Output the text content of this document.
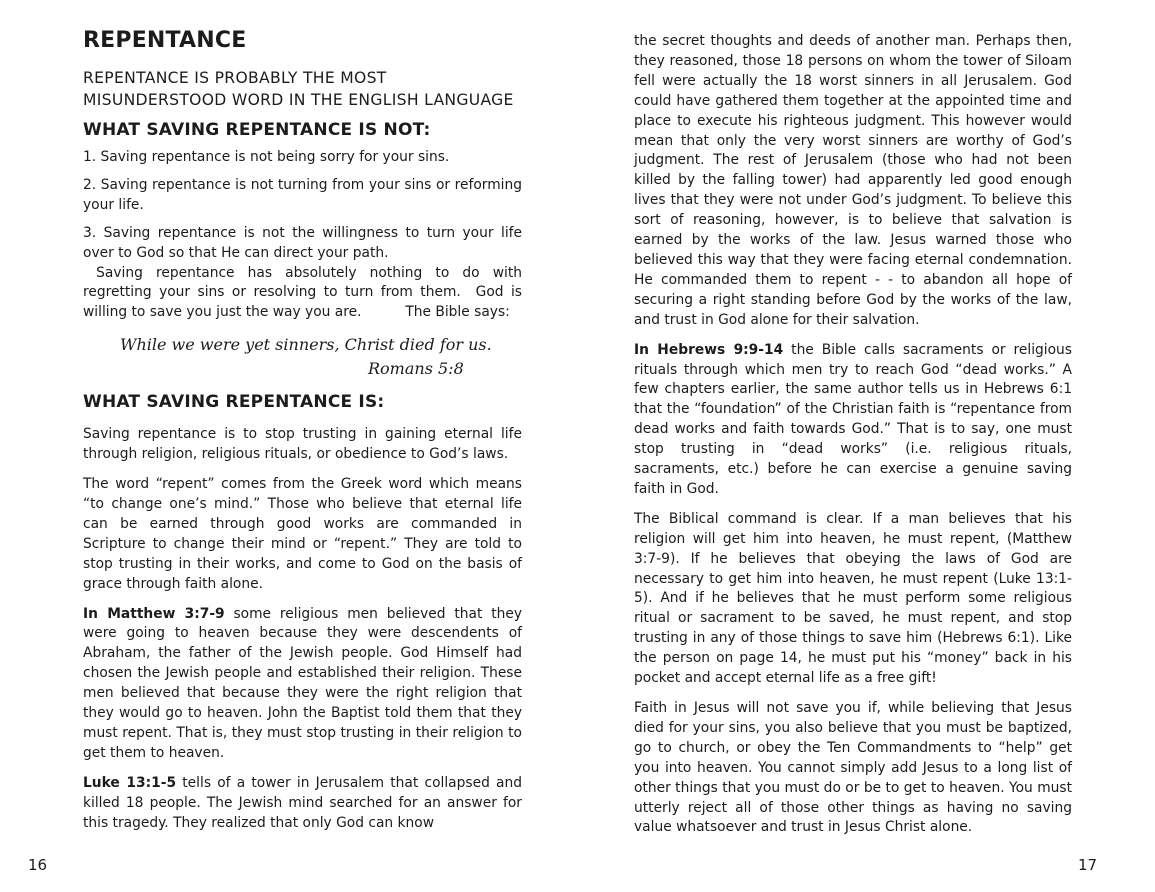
REPENTANCE
REPENTANCE IS PROBABLY THE MOST MISUNDERSTOOD WORD IN THE ENGLISH LANGUAGE
WHAT SAVING REPENTANCE IS NOT:

1. Saving repentance is not being sorry for your sins.

2. Saving repentance is not turning from your sins or reforming your life.

3. Saving repentance is not the willingness to turn your life over to God so that He can direct your path.

Saving repentance has absolutely nothing to do with regretting your sins or resolving to turn from them.  God is willing to save you just the way you are.          The Bible says:

While we were yet sinners, Christ died for us.
Romans 5:8
WHAT SAVING REPENTANCE IS:

Saving repentance is to stop trusting in gaining eternal life through religion, religious rituals, or obedience to God’s laws.

The word “repent” comes from the Greek word which means “to change one’s mind.” Those who believe that eternal life can be earned through good works are commanded in Scripture to change their mind or “repent.” They are told to stop trusting in their works, and come to God on the basis of grace through faith alone.

In Matthew 3:7-9 some religious men believed that they were going to heaven because they were descendents of Abraham, the father of the Jewish people. God Himself had chosen the Jewish people and established their religion. These men believed that because they were the right religion that they would go to heaven. John the Baptist told them that they must repent. That is, they must stop trusting in their religion to get them to heaven.

Luke 13:1-5 tells of a tower in Jerusalem that collapsed and killed 18 people. The Jewish mind searched for an answer for this tragedy. They realized that only God can know

16

the secret thoughts and deeds of another man. Perhaps then, they reasoned, those 18 persons on whom the tower of Siloam fell were actually the 18 worst sinners in all Jerusalem. God could have gathered them together at the appointed time and place to execute his righteous judgment. This however would mean that only the very worst sinners are worthy of God’s judgment. The rest of Jerusalem (those who had not been killed by the falling tower) had apparently led good enough lives that they were not under God’s judgment. To believe this sort of reasoning, however, is to believe that salvation is earned by the works of the law. Jesus warned those who believed this way that they were facing eternal condemnation. He commanded them to repent - - to abandon all hope of securing a right standing before God by the works of the law, and trust in God alone for their salvation.

In Hebrews 9:9-14 the Bible calls sacraments or religious rituals through which men try to reach God “dead works.” A few chapters earlier, the same author tells us in Hebrews 6:1 that the “foundation” of the Christian faith is “repentance from dead works and faith towards God.” That is to say, one must stop trusting in “dead works” (i.e. religious rituals, sacraments, etc.) before he can exercise a genuine saving faith in God.

The Biblical command is clear. If a man believes that his religion will get him into heaven, he must repent, (Matthew 3:7-9). If he believes that obeying the laws of God are necessary to get him into heaven, he must repent (Luke 13:1-5). And if he believes that he must perform some religious ritual or sacrament to be saved, he must repent, and stop trusting in any of those things to save him (Hebrews 6:1). Like the person on page 14, he must put his “money” back in his pocket and accept eternal life as a free gift!

Faith in Jesus will not save you if, while believing that Jesus died for your sins, you also believe that you must be baptized, go to church, or obey the Ten Commandments to “help” get you into heaven. You cannot simply add Jesus to a long list of other things that you must do or be to get to heaven. You must utterly reject all of those other things as having no saving value whatsoever and trust in Jesus Christ alone.

17
